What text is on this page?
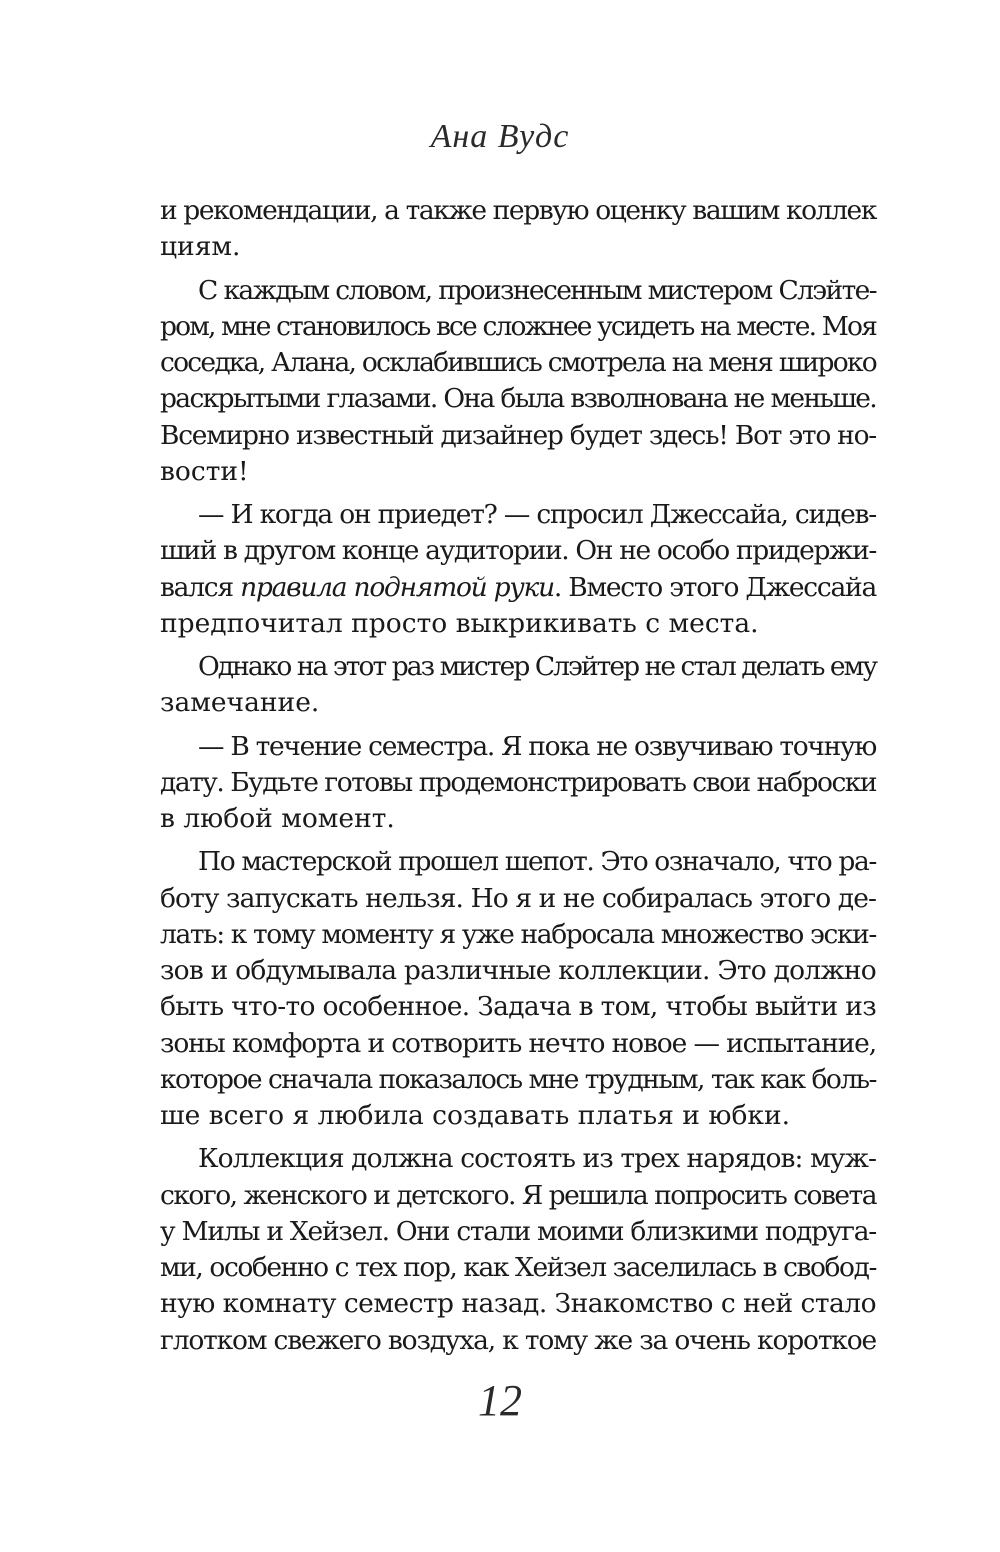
Ана Вудс
и рекомендации, а также первую оценку вашим коллек
циям.
С каждым словом, произнесенным мистером Слэйте-
ром, мне становилось все сложнее усидеть на месте. Моя
соседка, Алана, осклабившись смотрела на меня широко
раскрытыми глазами. Она была взволнована не меньше.
Всемирно известный дизайнер будет здесь! Вот это но-
вости!
— И когда он приедет? — спросил Джессайа, сидев-
ший в другом конце аудитории. Он не особо придержи-
вался правила поднятой руки. Вместо этого Джессайа
предпочитал просто выкрикивать с места.
Однако на этот раз мистер Слэйтер не стал делать ему
замечание.
— В течение семестра. Я пока не озвучиваю точную
дату. Будьте готовы продемонстрировать свои наброски
в любой момент.
По мастерской прошел шепот. Это означало, что ра-
боту запускать нельзя. Но я и не собиралась этого де-
лать: к тому моменту я уже набросала множество эски-
зов и обдумывала различные коллекции. Это должно
быть что-то особенное. Задача в том, чтобы выйти из
зоны комфорта и сотворить нечто новое — испытание,
которое сначала показалось мне трудным, так как боль-
ше всего я любила создавать платья и юбки.
Коллекция должна состоять из трех нарядов: муж-
ского, женского и детского. Я решила попросить совета
у Милы и Хейзел. Они стали моими близкими подруга-
ми, особенно с тех пор, как Хейзел заселилась в свобод-
ную комнату семестр назад. Знакомство с ней стало
глотком свежего воздуха, к тому же за очень короткое
12
